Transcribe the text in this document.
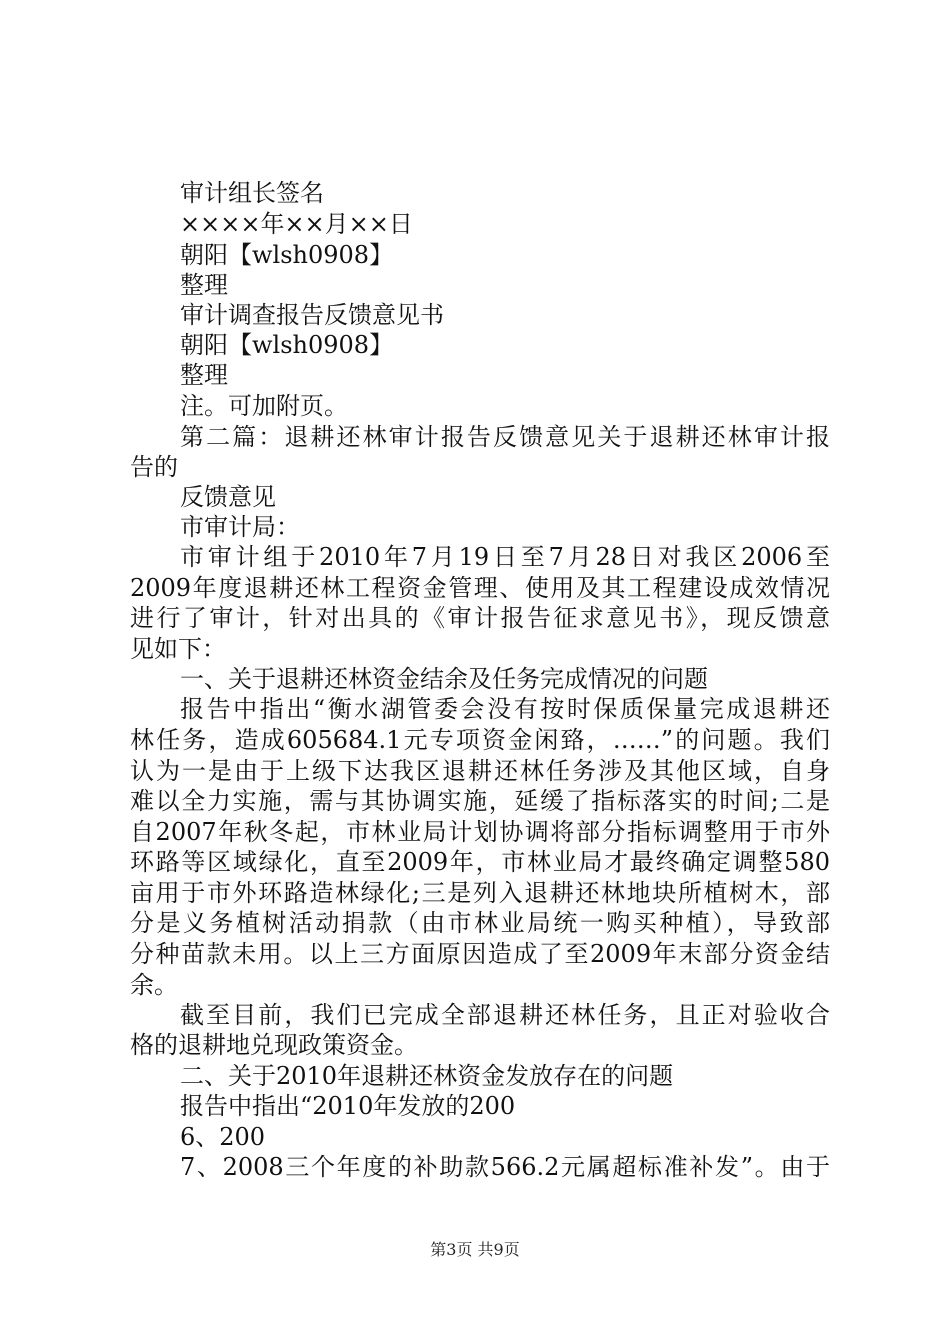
审计组长签名
××××年××月××日
朝阳【wlsh0908】
整理
审计调查报告反馈意见书
朝阳【wlsh0908】
整理
注。可加附页。
第二篇：退耕还林审计报告反馈意见关于退耕还林审计报
告的
反馈意见
市审计局：
市审计组于2010年7月19日至7月28日对我区2006至
2009年度退耕还林工程资金管理、使用及其工程建设成效情况
进行了审计，针对出具的《审计报告征求意见书》，现反馈意
见如下：
一、关于退耕还林资金结余及任务完成情况的问题
报告中指出“衡水湖管委会没有按时保质保量完成退耕还
林任务，造成605684.1元专项资金闲臵，……”的问题。我们
认为一是由于上级下达我区退耕还林任务涉及其他区域，自身
难以全力实施，需与其协调实施，延缓了指标落实的时间;二是
自2007年秋冬起，市林业局计划协调将部分指标调整用于市外
环路等区域绿化，直至2009年，市林业局才最终确定调整580
亩用于市外环路造林绿化;三是列入退耕还林地块所植树木，部
分是义务植树活动捐款（由市林业局统一购买种植），导致部
分种苗款未用。以上三方面原因造成了至2009年末部分资金结
余。
截至目前，我们已完成全部退耕还林任务，且正对验收合
格的退耕地兑现政策资金。
二、关于2010年退耕还林资金发放存在的问题
报告中指出“2010年发放的200
6、200
7、2008三个年度的补助款566.2元属超标准补发”。由于
第3页 共9页
